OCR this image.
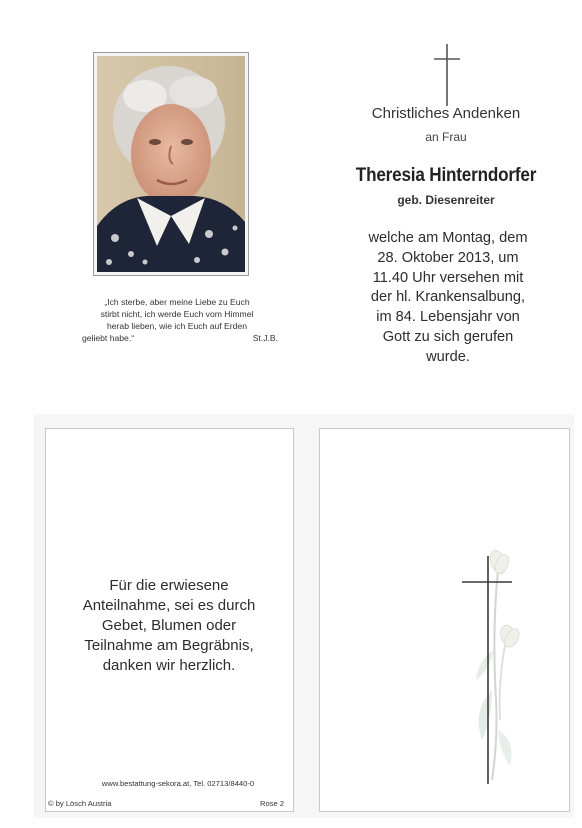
„Ich sterbe, aber meine Liebe zu Euch
stirbt nicht, ich werde Euch vom Himmel
herab lieben, wie ich Euch auf Erden
geliebt habe.“	St.J.B.
Christliches Andenken
an Frau
Theresia Hinterndorfer
geb. Diesenreiter
welche am Montag, dem
28. Oktober 2013, um
11.40 Uhr versehen mit
der hl. Krankensalbung,
im 84. Lebensjahr von
Gott zu sich gerufen
wurde.
Für die erwiesene
Anteilnahme, sei es durch
Gebet, Blumen oder
Teilnahme am Begräbnis,
danken wir herzlich.
www.bestattung-sekora.at, Tel. 02713/8440-0
© by Lösch Austria	Rose 2
